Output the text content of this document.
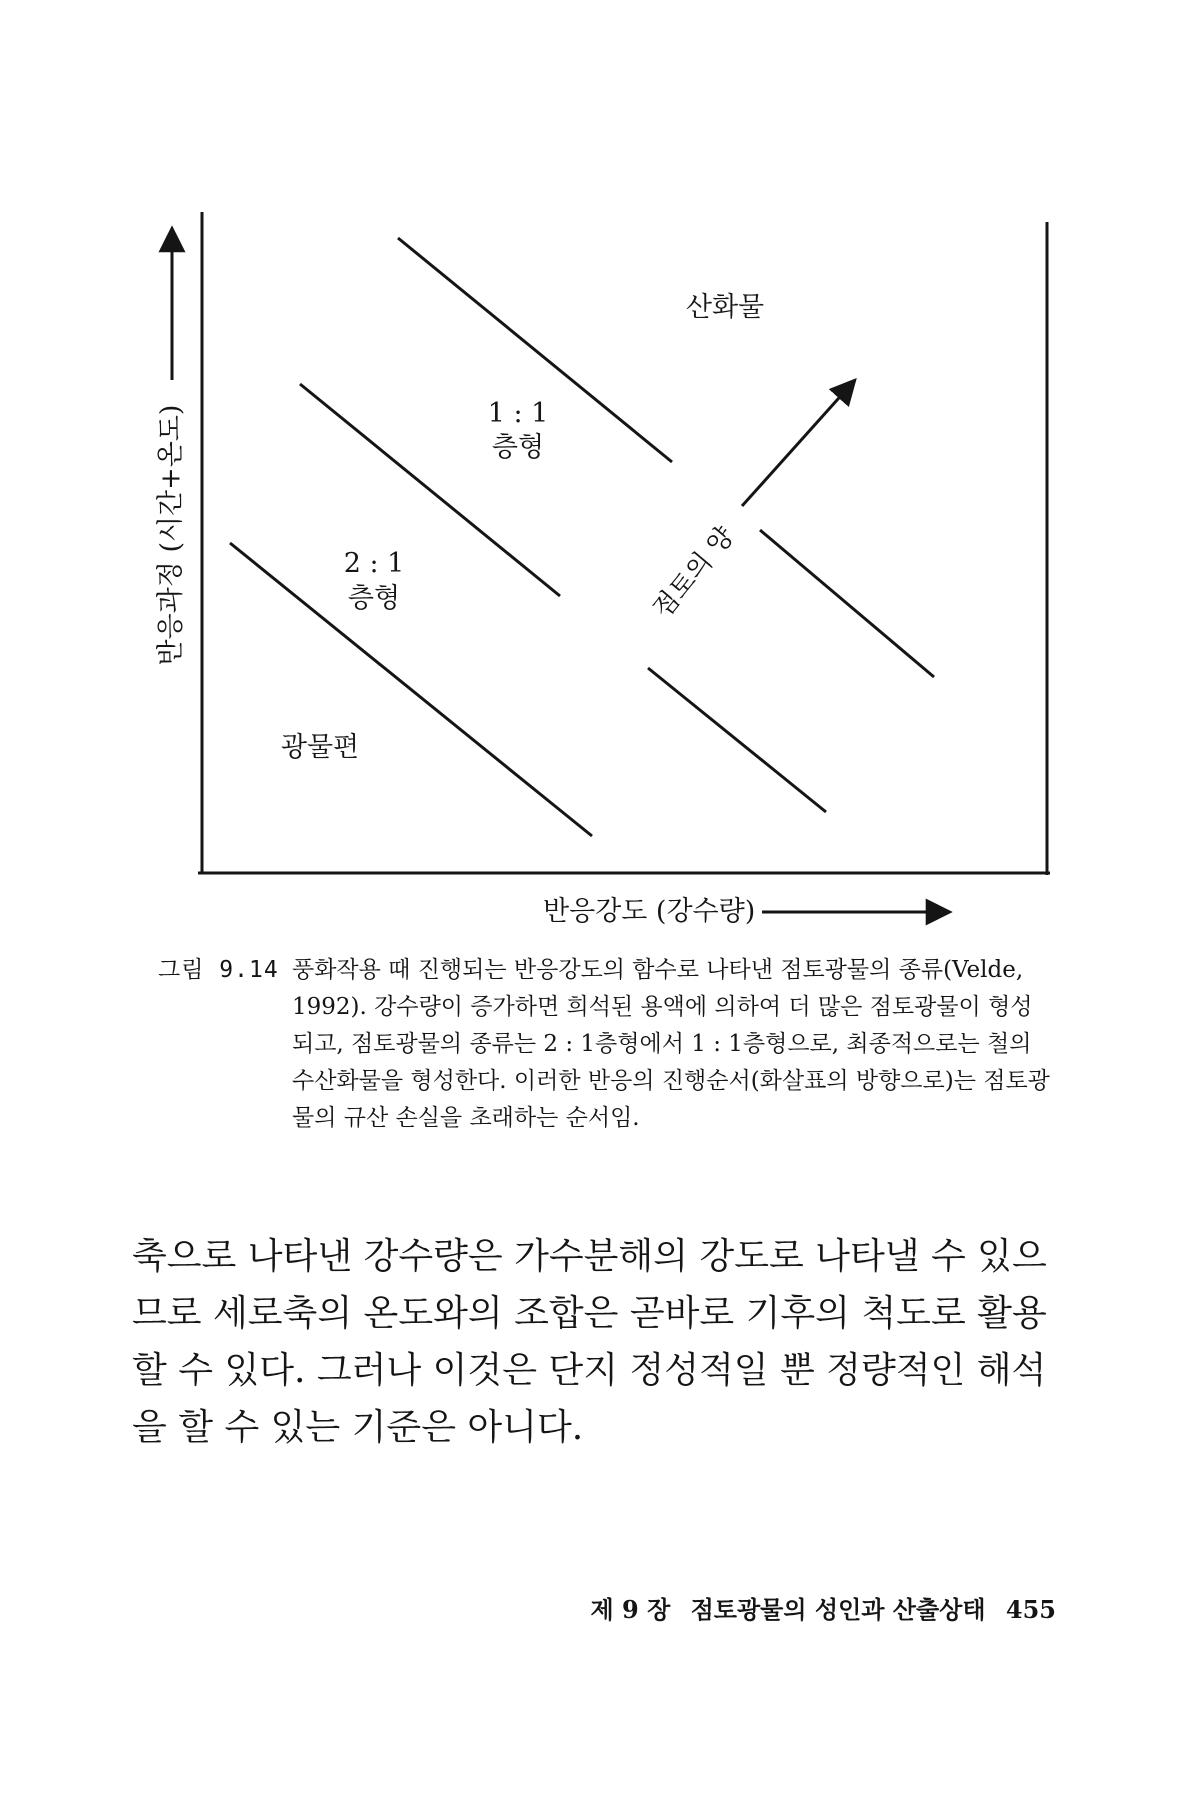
반응과정 (시간+온도)	점토의 양
산화물
1 : 1
층형
2 : 1
층형
광물편
반응강도 (강수량)
그림 9.14 풍화작용 때 진행되는 반응강도의 함수로 나타낸 점토광물의 종류(Velde, 1992). 강수량이 증가하면 희석된 용액에 의하여 더 많은 점토광물이 형성되고, 점토광물의 종류는 2 : 1층형에서 1 : 1층형으로, 최종적으로는 철의 수산화물을 형성한다. 이러한 반응의 진행순서(화살표의 방향으로)는 점토광물의 규산 손실을 초래하는 순서임.
축으로 나타낸 강수량은 가수분해의 강도로 나타낼 수 있으므로 세로축의 온도와의 조합은 곧바로 기후의 척도로 활용할 수 있다. 그러나 이것은 단지 정성적일 뿐 정량적인 해석을 할 수 있는 기준은 아니다.
제 9 장 점토광물의 성인과 산출상태 455
